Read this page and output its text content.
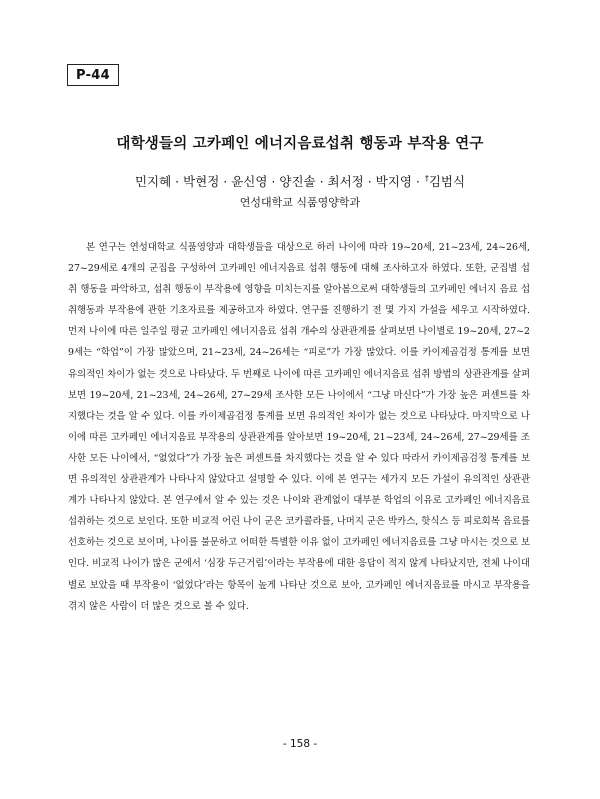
P-44
대학생들의 고카페인 에너지음료섭취 행동과 부작용 연구
민지혜 · 박현정 · 윤신영 · 양진솔 · 최서정 · 박지영 · †김범식
연성대학교 식품영양학과

본 연구는 연성대학교 식품영양과 대학생들을 대상으로 하러 나이에 따라 19~20세, 21~23세, 24~26세, 27~29세로 4개의 군집을 구성하여 고카페인 에너지음료 섭취 행동에 대해 조사하고자 하였다. 또한, 군집별 섭취 행동을 파악하고, 섭취 행동이 부작용에 영향을 미치는지를 알아봄으로써 대학생들의 고카페인 에너지 음료 섭취행동과 부작용에 관한 기초자료를 제공하고자 하였다. 연구를 진행하기 전 몇 가지 가설을 세우고 시작하였다. 먼저 나이에 따른 일주일 평균 고카페인 에너지음료 섭취 개수의 상관관계를 살펴보면 나이별로 19~20세, 27~29세는 “학업”이 가장 많았으며, 21~23세, 24~26세는 “피로”가 가장 많았다. 이를 카이제곱검정 통계를 보면 유의적인 차이가 없는 것으로 나타났다. 두 번째로 나이에 따른 고카페인 에너지음료 섭취 방법의 상관관계를 살펴보면 19~20세, 21~23세, 24~26세, 27~29세 조사한 모든 나이에서 “그냥 마신다”가 가장 높은 퍼센트를 차지했다는 것을 알 수 있다. 이를 카이제곱검정 통계를 보면 유의적인 차이가 없는 것으로 나타났다. 마지막으로 나이에 따른 고카페인 에너지음료 부작용의 상관관계를 알아보면 19~20세, 21~23세, 24~26세, 27~29세를 조사한 모든 나이에서, “없었다”가 가장 높은 퍼센트를 차지했다는 것을 알 수 있다 따라서 카이제곱검정 통계를 보면 유의적인 상관관계가 나타나지 않았다고 설명할 수 있다. 이에 본 연구는 세가지 모든 가설이 유의적인 상관관계가 나타나지 않았다. 본 연구에서 알 수 있는 것은 나이와 관계없이 대부분 학업의 이유로 고카페인 에너지음료 섭취하는 것으로 보인다. 또한 비교적 어린 나이 군은 코카콜라를, 나머지 군은 박카스, 핫식스 등 피로회복 음료를 선호하는 것으로 보이며, 나이를 불문하고 어떠한 특별한 이유 없이 고카페인 에너지음료를 그냥 마시는 것으로 보인다. 비교적 나이가 많은 군에서 ‘심장 두근거림’이라는 부작용에 대한 응답이 적지 않게 나타났지만, 전체 나이대별로 보았을 때 부작용이 ‘없었다’라는 항목이 높게 나타난 것으로 보아, 고카페인 에너지음료를 마시고 부작용을 겪지 않은 사람이 더 많은 것으로 볼 수 있다.

- 158 -
